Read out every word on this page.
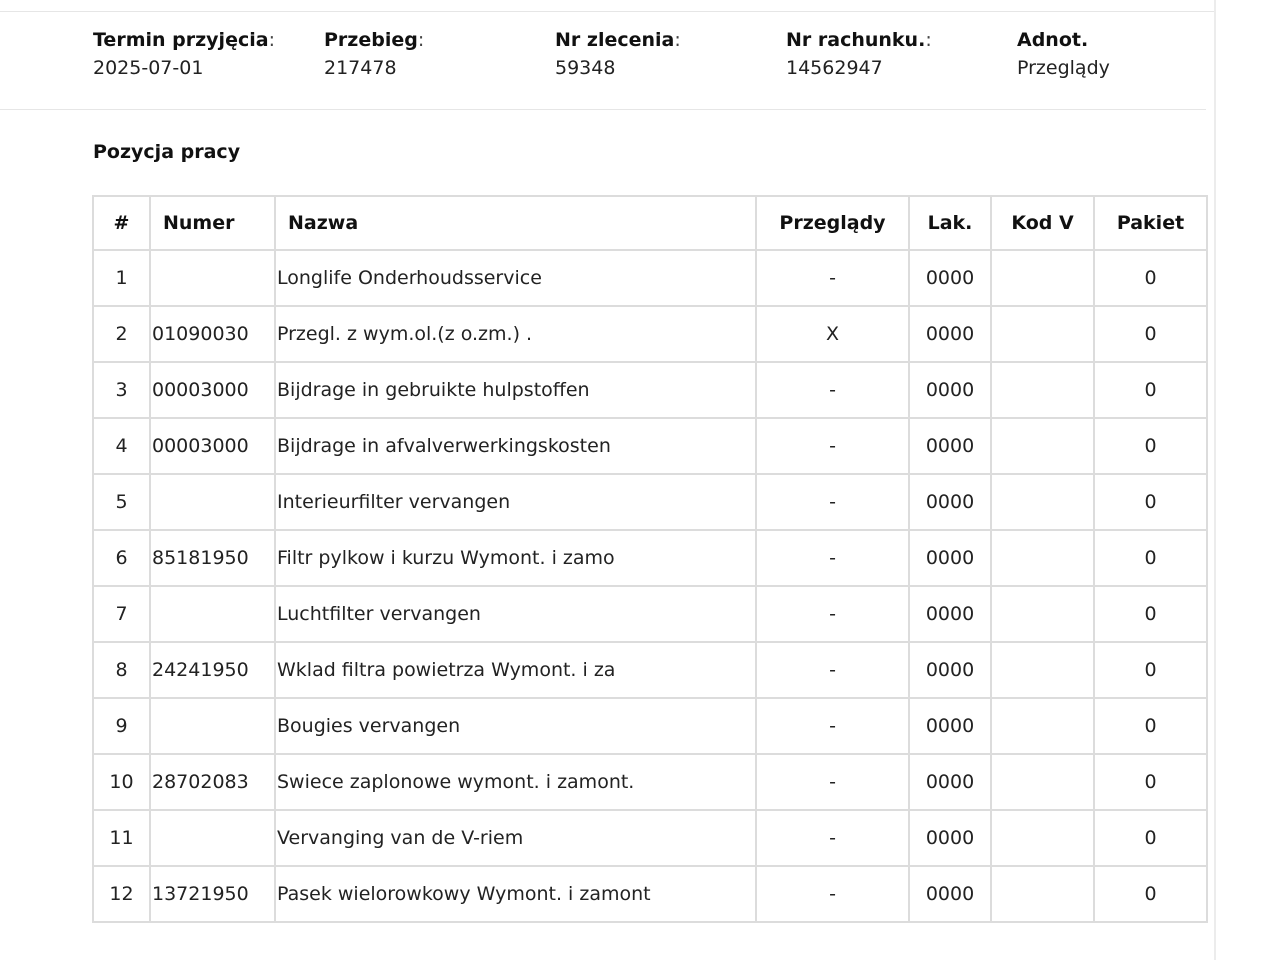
Termin przyjęcia:
2025-07-01
Przebieg:
217478
Nr zlecenia:
59348
Nr rachunku.:
14562947
Adnot.
Przeglądy
Pozycja pracy
#	Numer	Nazwa	Przeglądy	Lak.	Kod V	Pakiet
1		Longlife Onderhoudsservice	-	0000		0
2	01090030	Przegl. z wym.ol.(z o.zm.) .	X	0000		0
3	00003000	Bijdrage in gebruikte hulpstoffen	-	0000		0
4	00003000	Bijdrage in afvalverwerkingskosten	-	0000		0
5		Interieurfilter vervangen	-	0000		0
6	85181950	Filtr pylkow i kurzu Wymont. i zamo	-	0000		0
7		Luchtfilter vervangen	-	0000		0
8	24241950	Wklad filtra powietrza Wymont. i za	-	0000		0
9		Bougies vervangen	-	0000		0
10	28702083	Swiece zaplonowe wymont. i zamont.	-	0000		0
11		Vervanging van de V-riem	-	0000		0
12	13721950	Pasek wielorowkowy Wymont. i zamont	-	0000		0
